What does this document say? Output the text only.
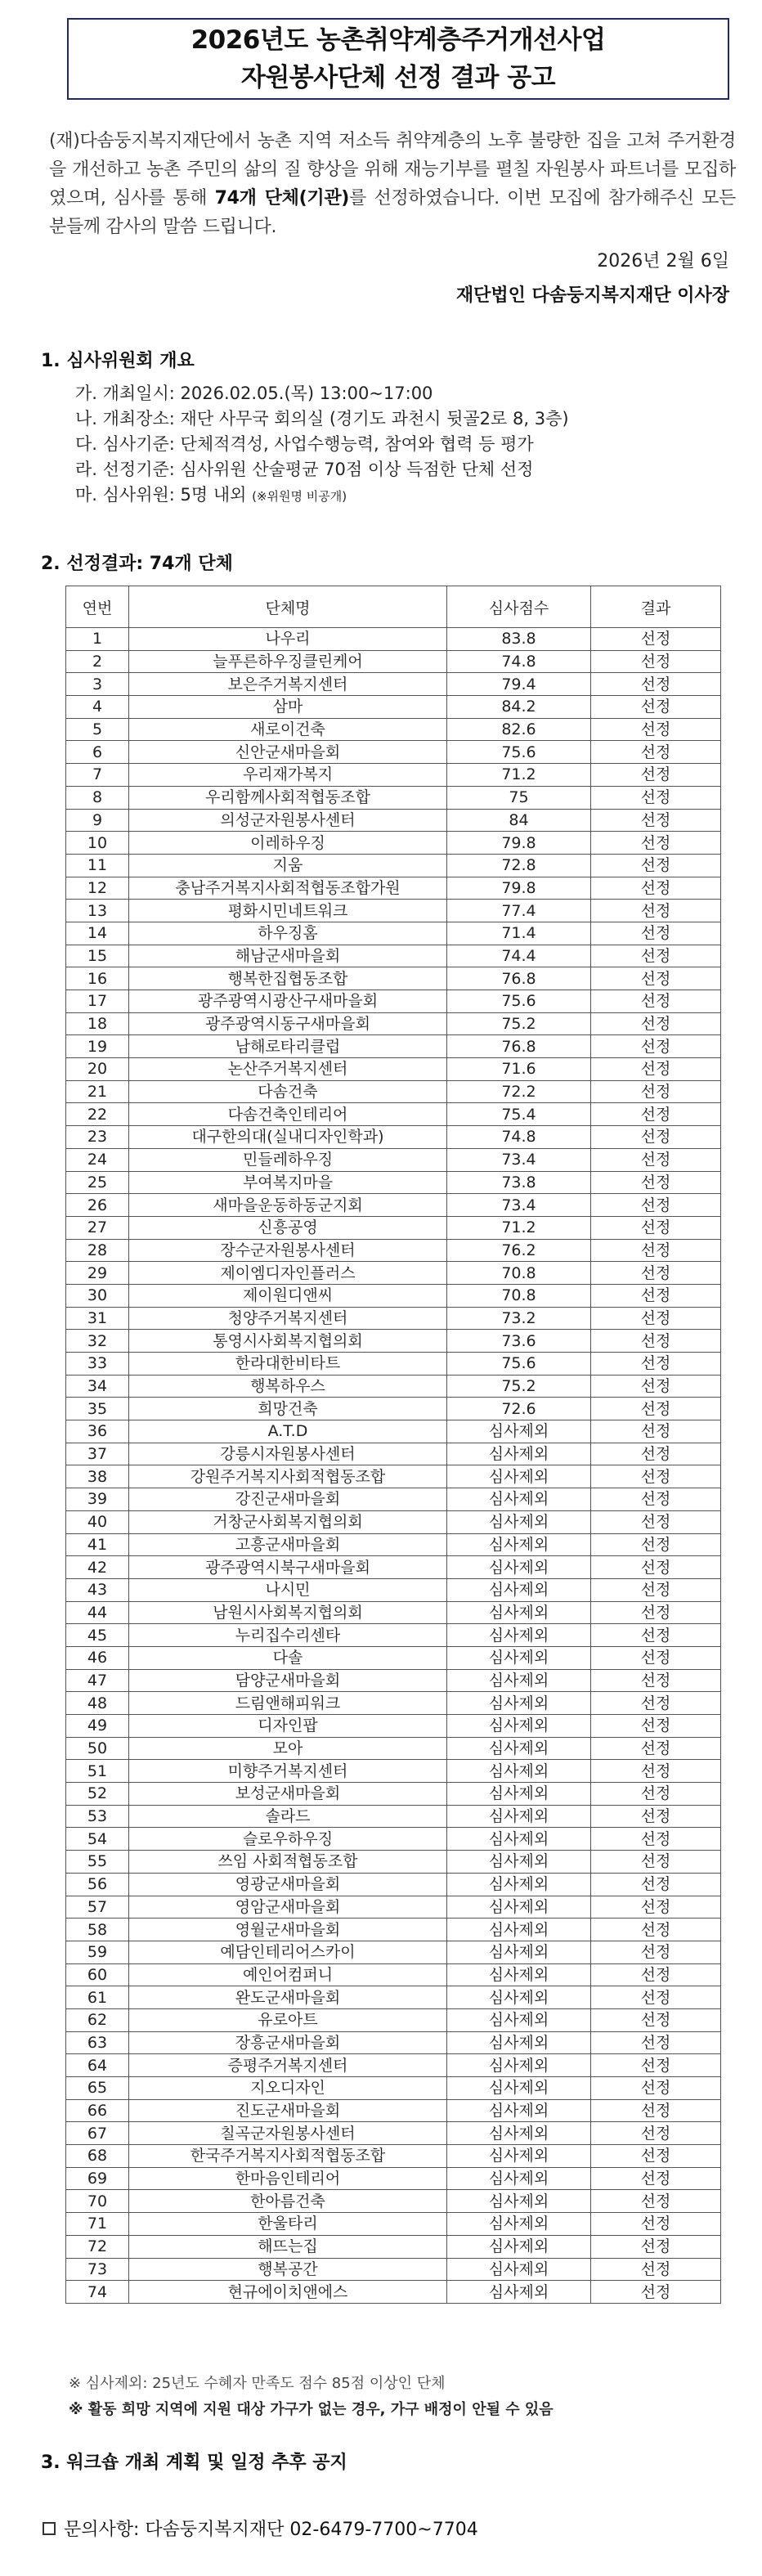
2026년도 농촌취약계층주거개선사업
자원봉사단체 선정 결과 공고
(재)다솜둥지복지재단에서 농촌 지역 저소득 취약계층의 노후 불량한 집을 고쳐 주거환경을 개선하고 농촌 주민의 삶의 질 향상을 위해 재능기부를 펼칠 자원봉사 파트너를 모집하였으며, 심사를 통해 74개 단체(기관)를 선정하였습니다. 이번 모집에 참가해주신 모든 분들께 감사의 말씀 드립니다.
2026년 2월 6일
재단법인 다솜둥지복지재단 이사장
1. 심사위원회 개요
가. 개최일시: 2026.02.05.(목) 13:00~17:00
나. 개최장소: 재단 사무국 회의실 (경기도 과천시 뒷골2로 8, 3층)
다. 심사기준: 단체적격성, 사업수행능력, 참여와 협력 등 평가
라. 선정기준: 심사위원 산술평균 70점 이상 득점한 단체 선정
마. 심사위원: 5명 내외 (※위원명 비공개)
2. 선정결과: 74개 단체
연번	단체명	심사점수	결과
1	나우리	83.8	선정
2	늘푸른하우징클린케어	74.8	선정
3	보은주거복지센터	79.4	선정
4	삼마	84.2	선정
5	새로이건축	82.6	선정
6	신안군새마을회	75.6	선정
7	우리재가복지	71.2	선정
8	우리함께사회적협동조합	75	선정
9	의성군자원봉사센터	84	선정
10	이레하우징	79.8	선정
11	지움	72.8	선정
12	충남주거복지사회적협동조합가원	79.8	선정
13	평화시민네트워크	77.4	선정
14	하우징홈	71.4	선정
15	해남군새마을회	74.4	선정
16	행복한집협동조합	76.8	선정
17	광주광역시광산구새마을회	75.6	선정
18	광주광역시동구새마을회	75.2	선정
19	남해로타리클럽	76.8	선정
20	논산주거복지센터	71.6	선정
21	다솜건축	72.2	선정
22	다솜건축인테리어	75.4	선정
23	대구한의대(실내디자인학과)	74.8	선정
24	민들레하우징	73.4	선정
25	부여복지마을	73.8	선정
26	새마을운동하동군지회	73.4	선정
27	신흥공영	71.2	선정
28	장수군자원봉사센터	76.2	선정
29	제이엠디자인플러스	70.8	선정
30	제이원디앤씨	70.8	선정
31	청양주거복지센터	73.2	선정
32	통영시사회복지협의회	73.6	선정
33	한라대한비타트	75.6	선정
34	행복하우스	75.2	선정
35	희망건축	72.6	선정
36	A.T.D	심사제외	선정
37	강릉시자원봉사센터	심사제외	선정
38	강원주거복지사회적협동조합	심사제외	선정
39	강진군새마을회	심사제외	선정
40	거창군사회복지협의회	심사제외	선정
41	고흥군새마을회	심사제외	선정
42	광주광역시북구새마을회	심사제외	선정
43	나시민	심사제외	선정
44	남원시사회복지협의회	심사제외	선정
45	누리집수리센타	심사제외	선정
46	다솔	심사제외	선정
47	담양군새마을회	심사제외	선정
48	드림앤해피워크	심사제외	선정
49	디자인팝	심사제외	선정
50	모아	심사제외	선정
51	미향주거복지센터	심사제외	선정
52	보성군새마을회	심사제외	선정
53	솔라드	심사제외	선정
54	슬로우하우징	심사제외	선정
55	쓰임 사회적협동조합	심사제외	선정
56	영광군새마을회	심사제외	선정
57	영암군새마을회	심사제외	선정
58	영월군새마을회	심사제외	선정
59	예담인테리어스카이	심사제외	선정
60	예인어컴퍼니	심사제외	선정
61	완도군새마을회	심사제외	선정
62	유로아트	심사제외	선정
63	장흥군새마을회	심사제외	선정
64	증평주거복지센터	심사제외	선정
65	지오디자인	심사제외	선정
66	진도군새마을회	심사제외	선정
67	칠곡군자원봉사센터	심사제외	선정
68	한국주거복지사회적협동조합	심사제외	선정
69	한마음인테리어	심사제외	선정
70	한아름건축	심사제외	선정
71	한울타리	심사제외	선정
72	해뜨는집	심사제외	선정
73	행복공간	심사제외	선정
74	현규에이치앤에스	심사제외	선정
※ 심사제외: 25년도 수혜자 만족도 점수 85점 이상인 단체
※ 활동 희망 지역에 지원 대상 가구가 없는 경우, 가구 배정이 안될 수 있음
3. 워크숍 개최 계획 및 일정 추후 공지
문의사항: 다솜둥지복지재단 02-6479-7700~7704
